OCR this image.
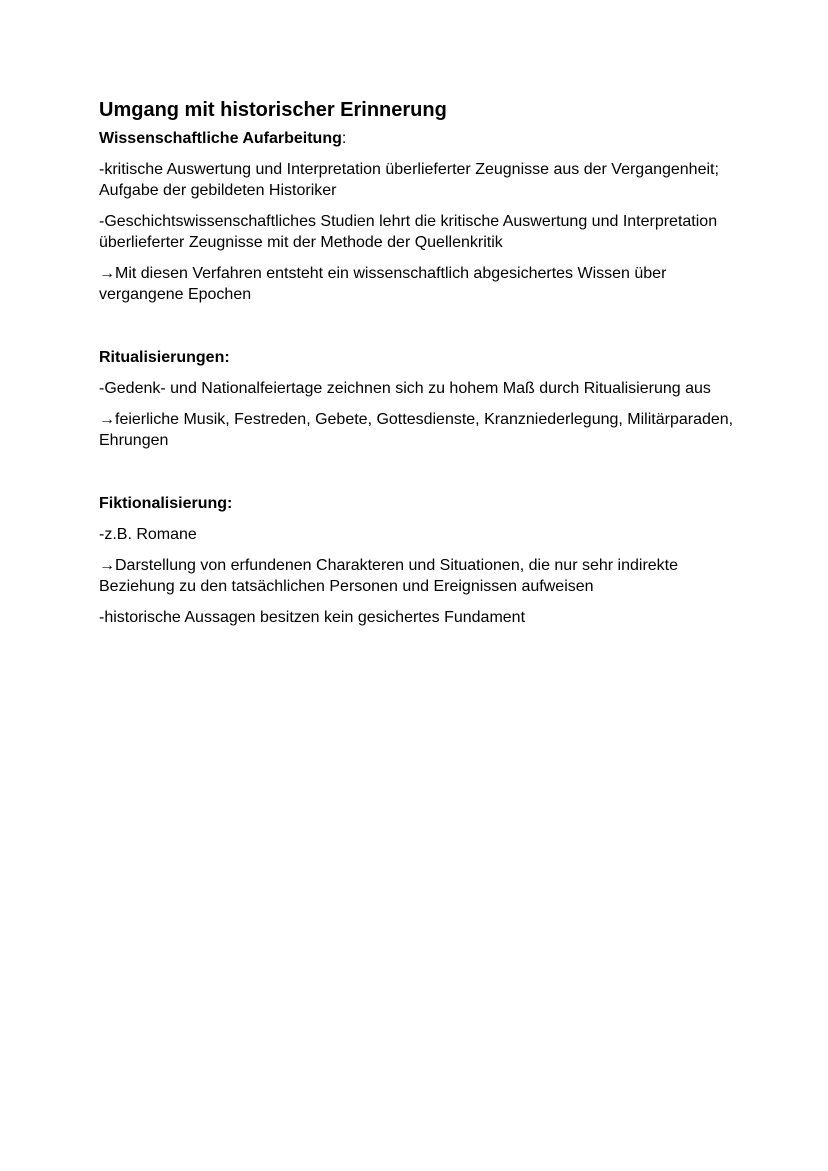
Umgang mit historischer Erinnerung
Wissenschaftliche Aufarbeitung:

-kritische Auswertung und Interpretation überlieferter Zeugnisse aus der Vergangenheit; Aufgabe der gebildeten Historiker

-Geschichtswissenschaftliches Studien lehrt die kritische Auswertung und Interpretation überlieferter Zeugnisse mit der Methode der Quellenkritik

→Mit diesen Verfahren entsteht ein wissenschaftlich abgesichertes Wissen über vergangene Epochen

Ritualisierungen:

-Gedenk- und Nationalfeiertage zeichnen sich zu hohem Maß durch Ritualisierung aus

→feierliche Musik, Festreden, Gebete, Gottesdienste, Kranzniederlegung, Militärparaden, Ehrungen

Fiktionalisierung:

-z.B. Romane

→Darstellung von erfundenen Charakteren und Situationen, die nur sehr indirekte Beziehung zu den tatsächlichen Personen und Ereignissen aufweisen

-historische Aussagen besitzen kein gesichertes Fundament
